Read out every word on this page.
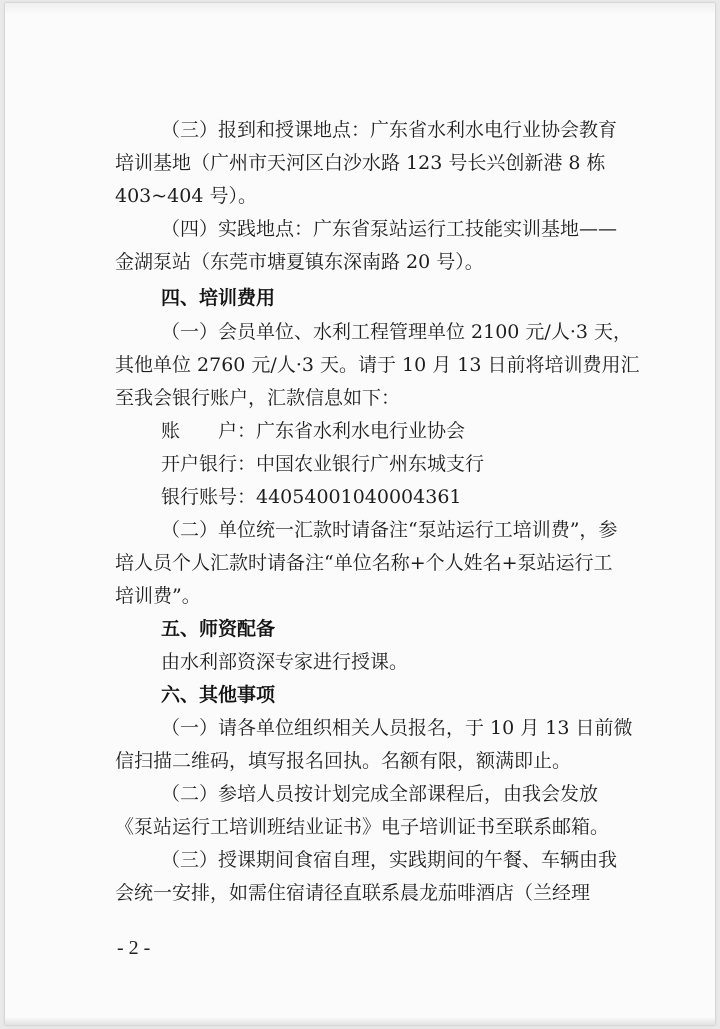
（三）报到和授课地点：广东省水利水电行业协会教育
培训基地（广州市天河区白沙水路 123 号长兴创新港 8 栋
403~404 号）。
（四）实践地点：广东省泵站运行工技能实训基地——
金湖泵站（东莞市塘夏镇东深南路 20 号）。
四、培训费用
（一）会员单位、水利工程管理单位 2100 元/人·3 天，
其他单位 2760 元/人·3 天。请于 10 月 13 日前将培训费用汇
至我会银行账户，汇款信息如下：
账　　户：广东省水利水电行业协会
开户银行：中国农业银行广州东城支行
银行账号：44054001040004361
（二）单位统一汇款时请备注“泵站运行工培训费”，参
培人员个人汇款时请备注“单位名称+个人姓名+泵站运行工
培训费”。
五、师资配备
由水利部资深专家进行授课。
六、其他事项
（一）请各单位组织相关人员报名，于 10 月 13 日前微
信扫描二维码，填写报名回执。名额有限，额满即止。
（二）参培人员按计划完成全部课程后，由我会发放
《泵站运行工培训班结业证书》电子培训证书至联系邮箱。
（三）授课期间食宿自理，实践期间的午餐、车辆由我
会统一安排，如需住宿请径直联系晨龙茄啡酒店（兰经理
- 2 -
